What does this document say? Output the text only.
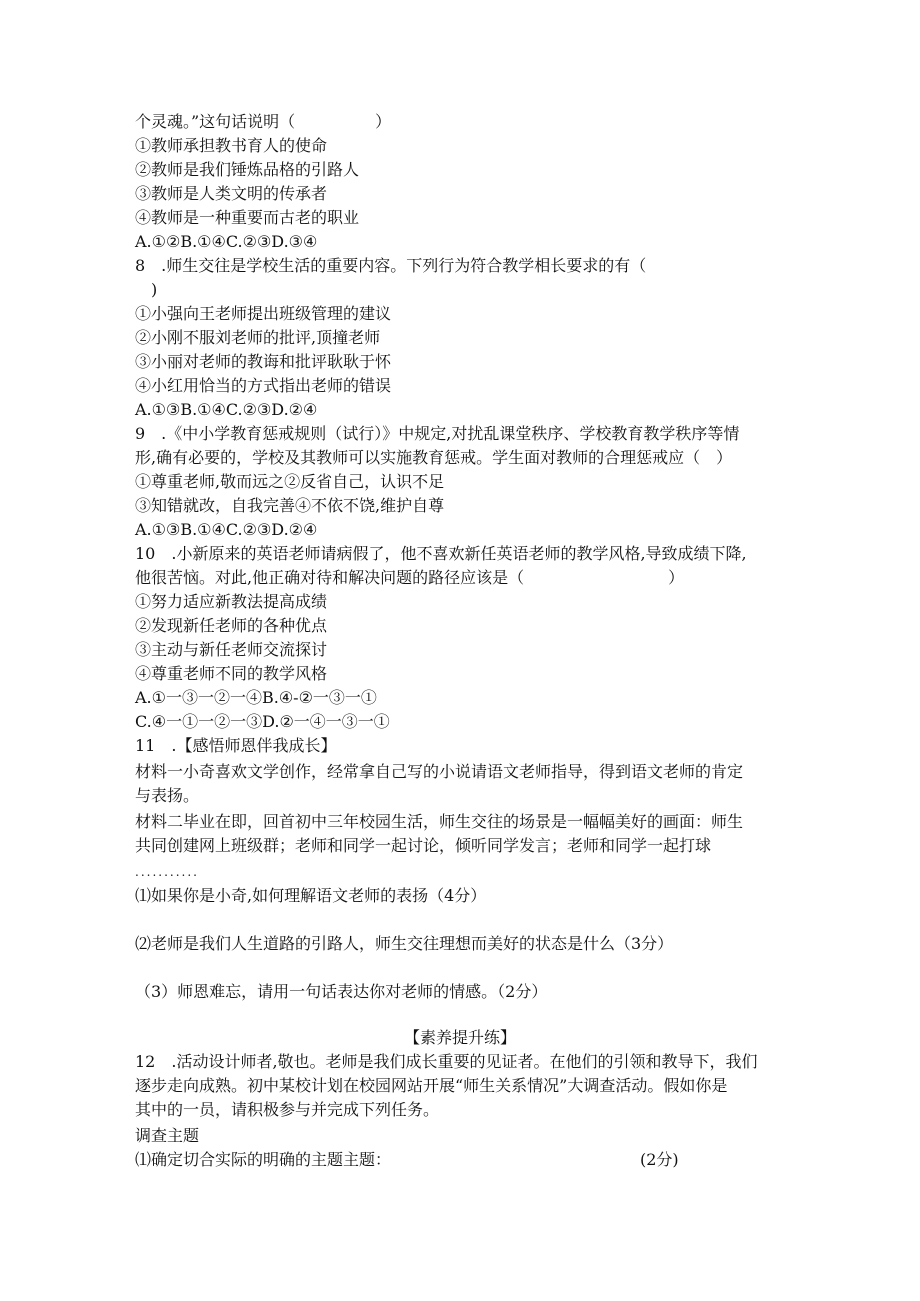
个灵魂。”这句话说明（　　　　　）

①教师承担教书育人的使命

②教师是我们锤炼品格的引路人

③教师是人类文明的传承者

④教师是一种重要而古老的职业

A.①②B.①④C.②③D.③④

8　.师生交往是学校生活的重要内容。下列行为符合教学相长要求的有（

　)

①小强向王老师提出班级管理的建议

②小刚不服刘老师的批评,顶撞老师

③小丽对老师的教诲和批评耿耿于怀

④小红用恰当的方式指出老师的错误

A.①③B.①④C.②③D.②④

9　.《中小学教育惩戒规则（试行）》中规定,对扰乱课堂秩序、学校教育教学秩序等情

形,确有必要的，学校及其教师可以实施教育惩戒。学生面对教师的合理惩戒应（　）

①尊重老师,敬而远之②反省自己，认识不足

③知错就改，自我完善④不依不饶,维护自尊

A.①③B.①④C.②③D.②④

10　.小新原来的英语老师请病假了，他不喜欢新任英语老师的教学风格,导致成绩下降,

他很苦恼。对此,他正确对待和解决问题的路径应该是（　　　　　　　　　）

①努力适应新教法提高成绩

②发现新任老师的各种优点

③主动与新任老师交流探讨

④尊重老师不同的教学风格

A.①一③一②一④B.④-②一③一①

C.④一①一②一③D.②一④一③一①

11　.【感悟师恩伴我成长】

材料一小奇喜欢文学创作，经常拿自己写的小说请语文老师指导，得到语文老师的肯定

与表扬。

材料二毕业在即，回首初中三年校园生活，师生交往的场景是一幅幅美好的画面：师生

共同创建网上班级群；老师和同学一起讨论，倾听同学发言；老师和同学一起打球

...........

⑴如果你是小奇,如何理解语文老师的表扬（4分）

⑵老师是我们人生道路的引路人，师生交往理想而美好的状态是什么（3分）

（3）师恩难忘，请用一句话表达你对老师的情感。（2分）

【素养提升练】

12　.活动设计师者,敬也。老师是我们成长重要的见证者。在他们的引领和教导下，我们

逐步走向成熟。初中某校计划在校园网站开展“师生关系情况”大调查活动。假如你是

其中的一员，请积极参与并完成下列任务。

调查主题

⑴确定切合实际的明确的主题主题：	(2分)
